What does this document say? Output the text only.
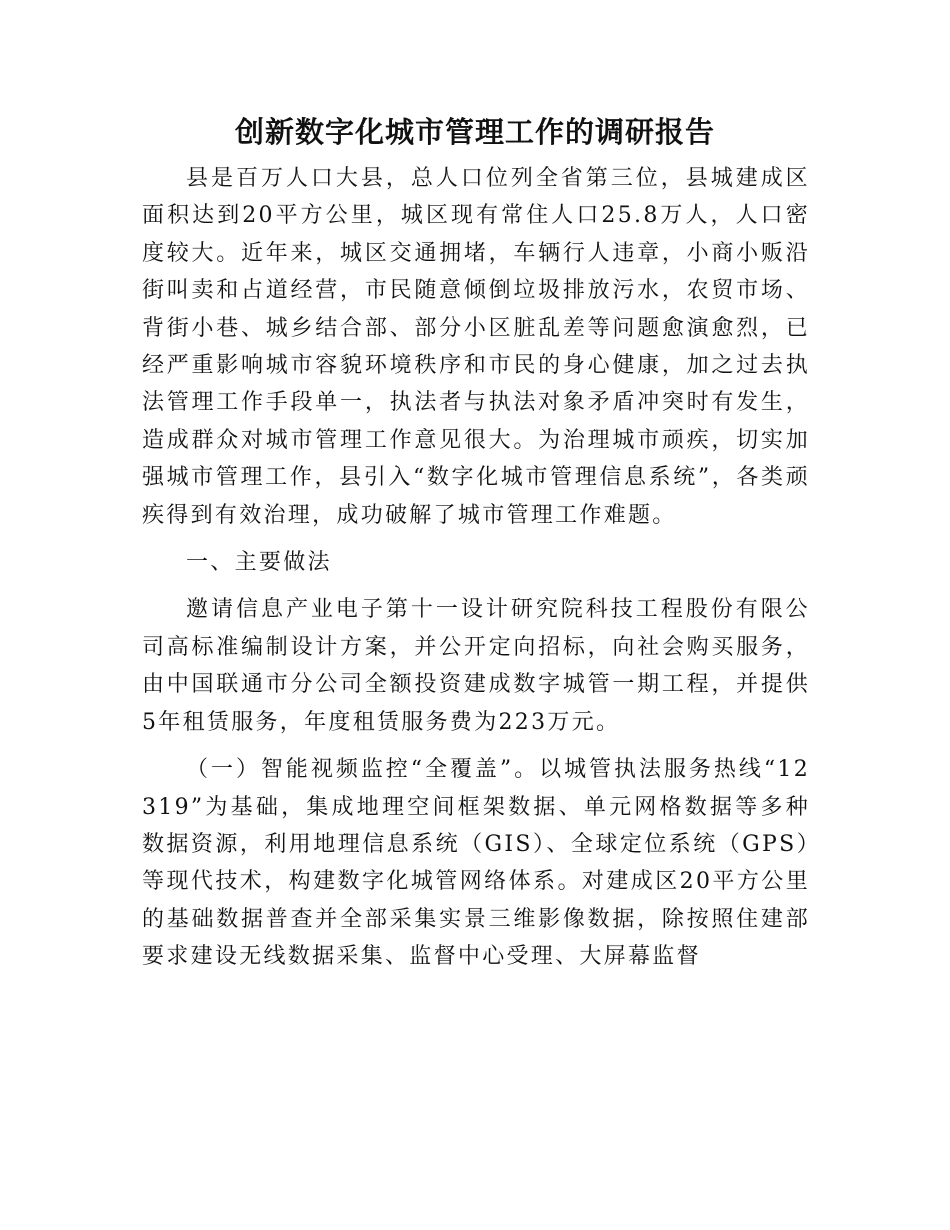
创新数字化城市管理工作的调研报告

县是百万人口大县，总人口位列全省第三位，县城建成区面积达到20平方公里，城区现有常住人口25.8万人，人口密度较大。近年来，城区交通拥堵，车辆行人违章，小商小贩沿街叫卖和占道经营，市民随意倾倒垃圾排放污水，农贸市场、背街小巷、城乡结合部、部分小区脏乱差等问题愈演愈烈，已经严重影响城市容貌环境秩序和市民的身心健康，加之过去执法管理工作手段单一，执法者与执法对象矛盾冲突时有发生，造成群众对城市管理工作意见很大。为治理城市顽疾，切实加强城市管理工作，县引入“数字化城市管理信息系统”，各类顽疾得到有效治理，成功破解了城市管理工作难题。

一、主要做法

邀请信息产业电子第十一设计研究院科技工程股份有限公司高标准编制设计方案，并公开定向招标，向社会购买服务，由中国联通市分公司全额投资建成数字城管一期工程，并提供5年租赁服务，年度租赁服务费为223万元。

（一）智能视频监控“全覆盖”。以城管执法服务热线“12319”为基础，集成地理空间框架数据、单元网格数据等多种数据资源，利用地理信息系统（GIS）、全球定位系统（GPS）等现代技术，构建数字化城管网络体系。对建成区20平方公里的基础数据普查并全部采集实景三维影像数据，除按照住建部要求建设无线数据采集、监督中心受理、大屏幕监督
